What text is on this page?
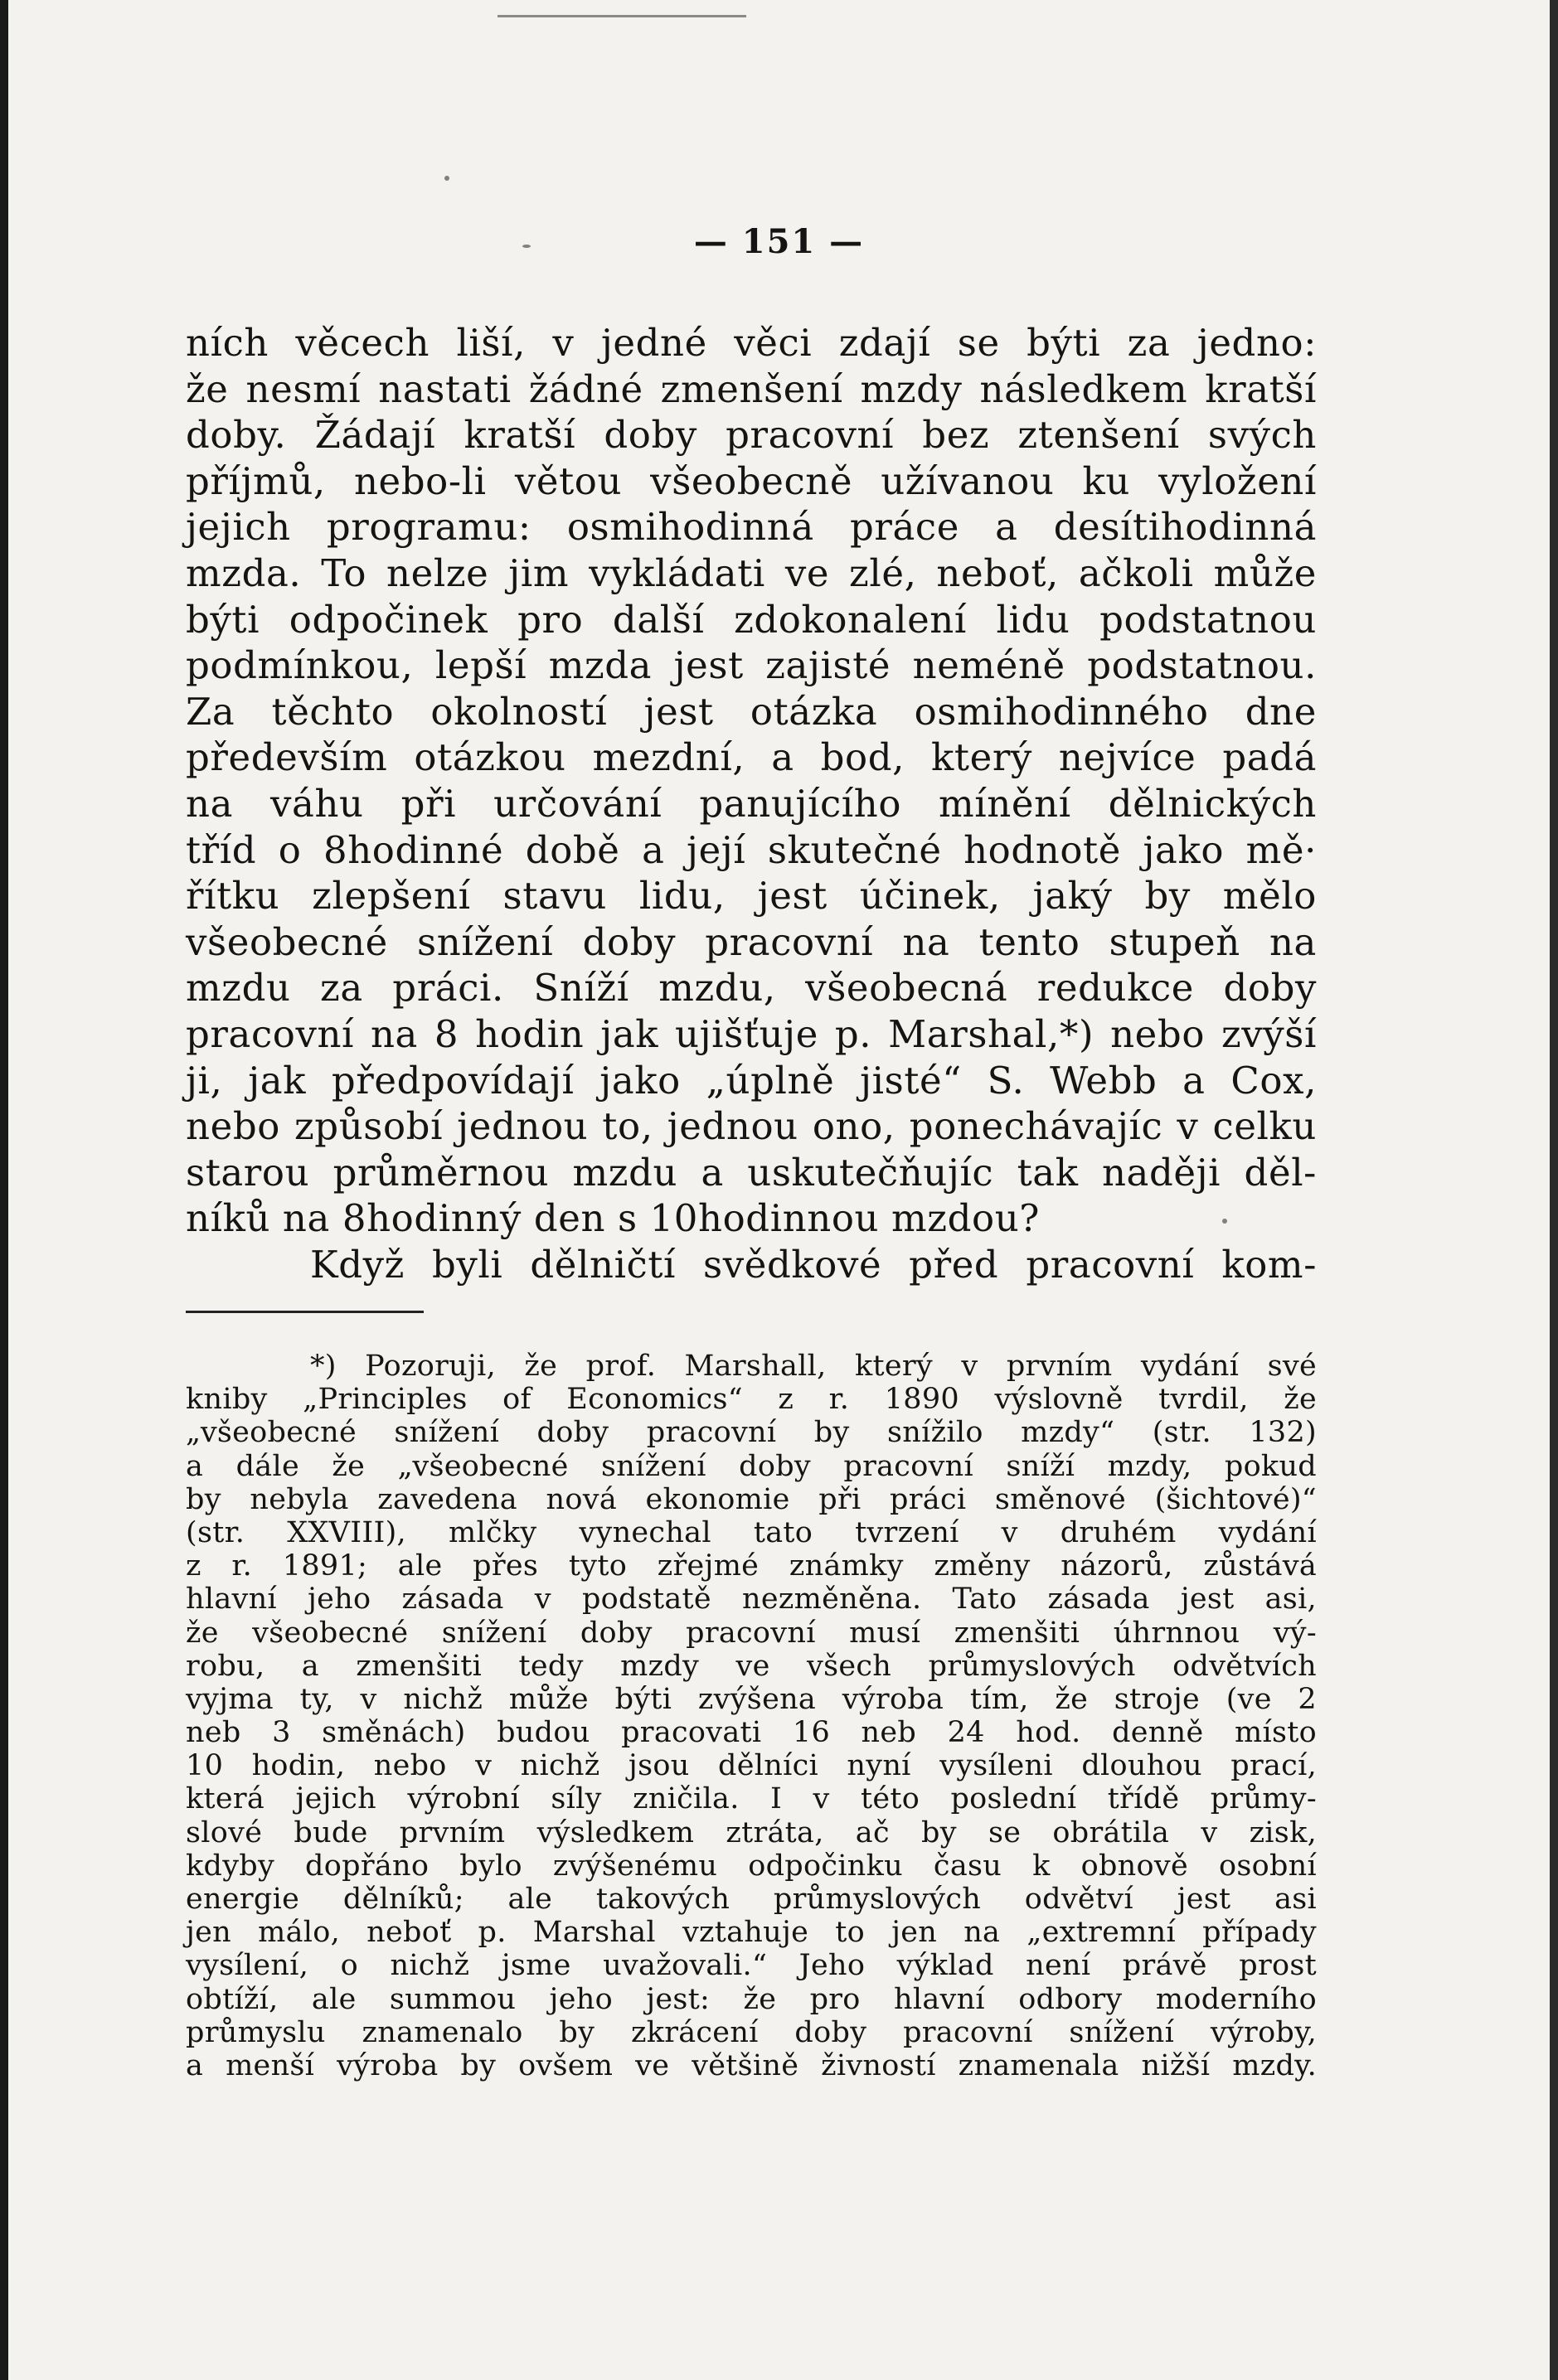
— 151 —
ních věcech liší, v jedné věci zdají se býti za jedno:
že nesmí nastati žádné zmenšení mzdy následkem kratší
doby. Žádají kratší doby pracovní bez ztenšení svých
příjmů, nebo-li větou všeobecně užívanou ku vyložení
jejich programu: osmihodinná práce a desítihodinná
mzda. To nelze jim vykládati ve zlé, neboť, ačkoli může
býti odpočinek pro další zdokonalení lidu podstatnou
podmínkou, lepší mzda jest zajisté neméně podstatnou.
Za těchto okolností jest otázka osmihodinného dne
především otázkou mezdní, a bod, který nejvíce padá
na váhu při určování panujícího mínění dělnických
tříd o 8hodinné době a její skutečné hodnotě jako mě·
řítku zlepšení stavu lidu, jest účinek, jaký by mělo
všeobecné snížení doby pracovní na tento stupeň na
mzdu za práci. Sníží mzdu, všeobecná redukce doby
pracovní na 8 hodin jak ujišťuje p. Marshal,*) nebo zvýší
ji, jak předpovídají jako „úplně jisté“ S. Webb a Cox,
nebo způsobí jednou to, jednou ono, ponechávajíc v celku
starou průměrnou mzdu a uskutečňujíc tak naději děl-
níků na 8hodinný den s 10hodinnou mzdou?
Když byli dělničtí svědkové před pracovní kom-
*) Pozoruji, že prof. Marshall, který v prvním vydání své
kniby „Principles of Economics“ z r. 1890 výslovně tvrdil, že
„všeobecné snížení doby pracovní by snížilo mzdy“ (str. 132)
a dále že „všeobecné snížení doby pracovní sníží mzdy, pokud
by nebyla zavedena nová ekonomie při práci směnové (šichtové)“
(str. XXVIII), mlčky vynechal tato tvrzení v druhém vydání
z r. 1891; ale přes tyto zřejmé známky změny názorů, zůstává
hlavní jeho zásada v podstatě nezměněna. Tato zásada jest asi,
že všeobecné snížení doby pracovní musí zmenšiti úhrnnou vý-
robu, a zmenšiti tedy mzdy ve všech průmyslových odvětvích
vyjma ty, v nichž může býti zvýšena výroba tím, že stroje (ve 2
neb 3 směnách) budou pracovati 16 neb 24 hod. denně místo
10 hodin, nebo v nichž jsou dělníci nyní vysíleni dlouhou prací,
která jejich výrobní síly zničila. I v této poslední třídě průmy-
slové bude prvním výsledkem ztráta, ač by se obrátila v zisk,
kdyby dopřáno bylo zvýšenému odpočinku času k obnově osobní
energie dělníků; ale takových průmyslových odvětví jest asi
jen málo, neboť p. Marshal vztahuje to jen na „extremní případy
vysílení, o nichž jsme uvažovali.“ Jeho výklad není právě prost
obtíží, ale summou jeho jest: že pro hlavní odbory moderního
průmyslu znamenalo by zkrácení doby pracovní snížení výroby,
a menší výroba by ovšem ve většině živností znamenala nižší mzdy.
